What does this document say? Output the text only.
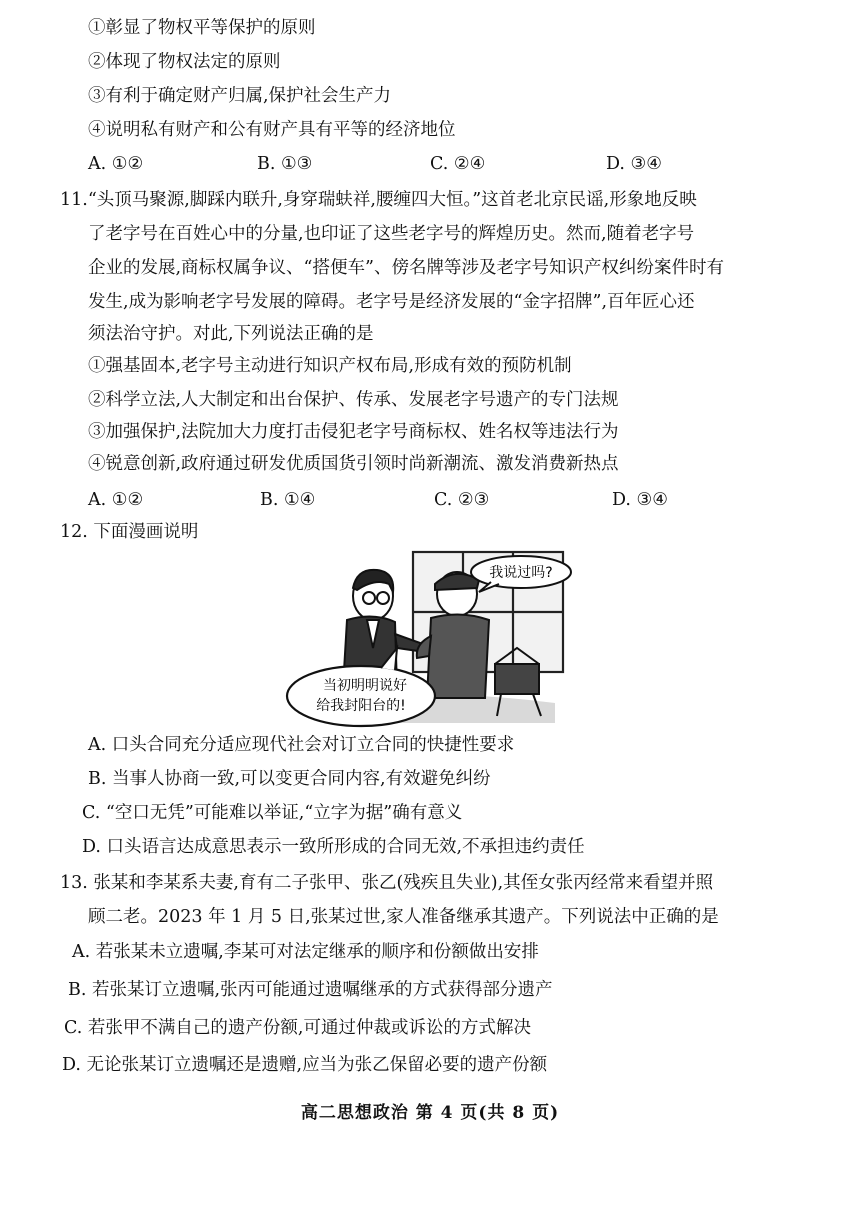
①彰显了物权平等保护的原则
②体现了物权法定的原则
③有利于确定财产归属,保护社会生产力
④说明私有财产和公有财产具有平等的经济地位
A. ①②	B. ①③	C. ②④	D. ③④
11.“头顶马聚源,脚踩内联升,身穿瑞蚨祥,腰缠四大恒。”这首老北京民谣,形象地反映
了老字号在百姓心中的分量,也印证了这些老字号的辉煌历史。然而,随着老字号
企业的发展,商标权属争议、“搭便车”、傍名牌等涉及老字号知识产权纠纷案件时有
发生,成为影响老字号发展的障碍。老字号是经济发展的“金字招牌”,百年匠心还
须法治守护。对此,下列说法正确的是
①强基固本,老字号主动进行知识产权布局,形成有效的预防机制
②科学立法,人大制定和出台保护、传承、发展老字号遗产的专门法规
③加强保护,法院加大力度打击侵犯老字号商标权、姓名权等违法行为
④锐意创新,政府通过研发优质国货引领时尚新潮流、激发消费新热点
A. ①②	B. ①④	C. ②③	D. ③④
12. 下面漫画说明
我说过吗?
当初明明说好
给我封阳台的!
A. 口头合同充分适应现代社会对订立合同的快捷性要求
B. 当事人协商一致,可以变更合同内容,有效避免纠纷
C. “空口无凭”可能难以举证,“立字为据”确有意义
D. 口头语言达成意思表示一致所形成的合同无效,不承担违约责任
13. 张某和李某系夫妻,育有二子张甲、张乙(残疾且失业),其侄女张丙经常来看望并照
顾二老。2023 年 1 月 5 日,张某过世,家人准备继承其遗产。下列说法中正确的是
A. 若张某未立遗嘱,李某可对法定继承的顺序和份额做出安排
B. 若张某订立遗嘱,张丙可能通过遗嘱继承的方式获得部分遗产
C. 若张甲不满自己的遗产份额,可通过仲裁或诉讼的方式解决
D. 无论张某订立遗嘱还是遗赠,应当为张乙保留必要的遗产份额
高二思想政治 第 4 页(共 8 页)
